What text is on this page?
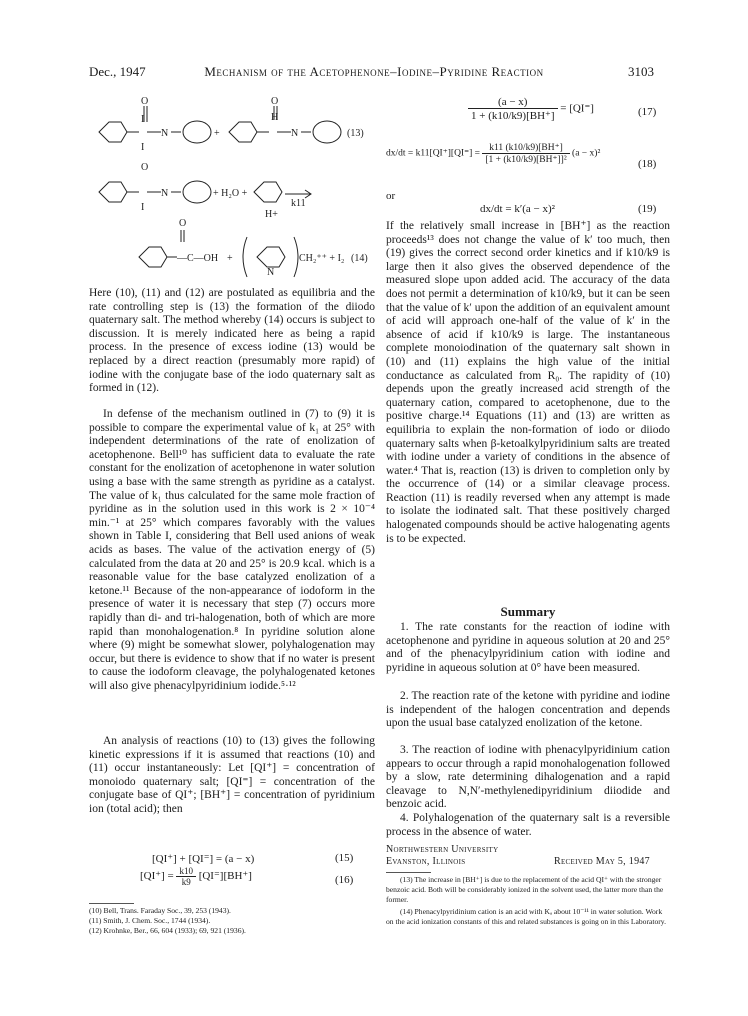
Dec., 1947	Mechanism of the Acetophenone–Iodine–Pyridine Reaction	3103
O
I
I
N	+
O
H
N	(13)
O
I
N	+ H₂O +
H+
k11
O
—C—OH +
N
CH₂⁺⁺ + I₂ (14)
Here (10), (11) and (12) are postulated as equilibria and the rate controlling step is (13) the formation of the diiodo quaternary salt. The method whereby (14) occurs is subject to discussion. It is merely indicated here as being a rapid process. In the presence of excess iodine (13) would be replaced by a direct reaction (presumably more rapid) of iodine with the conjugate base of the iodo quaternary salt as formed in (12).
In defense of the mechanism outlined in (7) to (9) it is possible to compare the experimental value of k₁ at 25° with independent determinations of the rate of enolization of acetophenone. Bell¹⁰ has sufficient data to evaluate the rate constant for the enolization of acetophenone in water solution using a base with the same strength as pyridine as a catalyst. The value of k₁ thus calculated for the same mole fraction of pyridine as in the solution used in this work is 2 × 10⁻⁴ min.⁻¹ at 25° which compares favorably with the values shown in Table I, considering that Bell used anions of weak acids as bases. The value of the activation energy of (5) calculated from the data at 20 and 25° is 20.9 kcal. which is a reasonable value for the base catalyzed enolization of a ketone.¹¹ Because of the non-appearance of iodoform in the presence of water it is necessary that step (7) occurs more rapidly than di- and tri-halogenation, both of which are more rapid than monohalogenation.⁸ In pyridine solution alone where (9) might be somewhat slower, polyhalogenation may occur, but there is evidence to show that if no water is present to cause the iodoform cleavage, the polyhalogenated ketones will also give phenacylpyridinium iodide.⁵·¹²
An analysis of reactions (10) to (13) gives the following kinetic expressions if it is assumed that reactions (10) and (11) occur instantaneously: Let [QI⁺] = concentration of monoiodo quaternary salt; [QI⁼] = concentration of the conjugate base of QI⁺; [BH⁺] = concentration of pyridinium ion (total acid); then
[QI⁺] + [QI⁼] = (a − x)	(15)
$[QI^+] = \frac{k10}{k9} [QI^=][BH^+]$	(16)
(10) Bell, Trans. Faraday Soc., 39, 253 (1943).
(11) Smith, J. Chem. Soc., 1744 (1934).
(12) Krohnke, Ber., 66, 604 (1933); 69, 921 (1936).
$\frac{(a - x)}{1 + (k10/k9)[BH^+]} = [QI^=]$	(17)
$dx/dt = k11[QI^+][QI^=] = \frac{k11 (k10/k9)[BH^+]}{\text{[1 + (k10/k9)[BH⁺]]²}} (a - x)^2$
(18)
or
dx/dt = k′(a − x)²	(19)
If the relatively small increase in [BH⁺] as the reaction proceeds¹³ does not change the value of k′ too much, then (19) gives the correct second order kinetics and if k10/k9 is large then it also gives the observed dependence of the measured slope upon added acid. The accuracy of the data does not permit a determination of k10/k9, but it can be seen that the value of k′ upon the addition of an equivalent amount of acid will approach one-half of the value of k′ in the absence of acid if k10/k9 is large. The instantaneous complete monoiodination of the quaternary salt shown in (10) and (11) explains the high value of the initial conductance as calculated from R₀. The rapidity of (10) depends upon the greatly increased acid strength of the quaternary cation, compared to acetophenone, due to the positive charge.¹⁴ Equations (11) and (13) are written as equilibria to explain the non-formation of iodo or diiodo quaternary salts when β-ketoalkylpyridinium salts are treated with iodine under a variety of conditions in the absence of water.⁴ That is, reaction (13) is driven to completion only by the occurrence of (14) or a similar cleavage process. Reaction (11) is readily reversed when any attempt is made to isolate the iodinated salt. That these positively charged halogenated compounds should be active halogenating agents is to be expected.
Summary
1. The rate constants for the reaction of iodine with acetophenone and pyridine in aqueous solution at 20 and 25° and of the phenacylpyridinium cation with iodine and pyridine in aqueous solution at 0° have been measured.
2. The reaction rate of the ketone with pyridine and iodine is independent of the halogen concentration and depends upon the usual base catalyzed enolization of the ketone.
3. The reaction of iodine with phenacylpyridinium cation appears to occur through a rapid monohalogenation followed by a slow, rate determining dihalogenation and a rapid cleavage to N,N′-methylenedipyridinium diiodide and benzoic acid.
4. Polyhalogenation of the quaternary salt is a reversible process in the absence of water.
Northwestern University
Evanston, Illinois	Received May 5, 1947
(13) The increase in [BH⁺] is due to the replacement of the acid QI⁺ with the stronger benzoic acid. Both will be considerably ionized in the solvent used, the latter more than the former.
(14) Phenacylpyridinium cation is an acid with Kₐ about 10⁻¹¹ in water solution. Work on the acid ionization constants of this and related substances is going on in this Laboratory.
